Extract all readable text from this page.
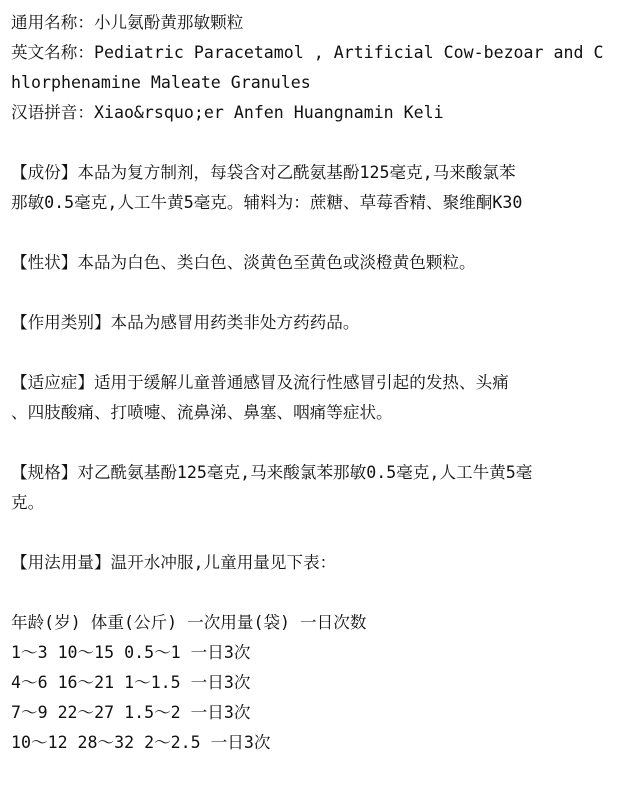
通用名称：小儿氨酚黄那敏颗粒
英文名称：Pediatric Paracetamol , Artificial Cow-bezoar and C
hlorphenamine Maleate Granules
汉语拼音：Xiao&rsquo;er Anfen Huangnamin Keli
【成份】本品为复方制剂，每袋含对乙酰氨基酚125毫克,马来酸氯苯
那敏0.5毫克,人工牛黄5毫克。辅料为：蔗糖、草莓香精、聚维酮K30
【性状】本品为白色、类白色、淡黄色至黄色或淡橙黄色颗粒。
【作用类别】本品为感冒用药类非处方药药品。
【适应症】适用于缓解儿童普通感冒及流行性感冒引起的发热、头痛
、四肢酸痛、打喷嚏、流鼻涕、鼻塞、咽痛等症状。
【规格】对乙酰氨基酚125毫克,马来酸氯苯那敏0.5毫克,人工牛黄5毫
克。
【用法用量】温开水冲服,儿童用量见下表：
年龄(岁) 体重(公斤) 一次用量(袋) 一日次数
1～3 10～15 0.5～1 一日3次
4～6 16～21 1～1.5 一日3次
7～9 22～27 1.5～2 一日3次
10～12 28～32 2～2.5 一日3次
